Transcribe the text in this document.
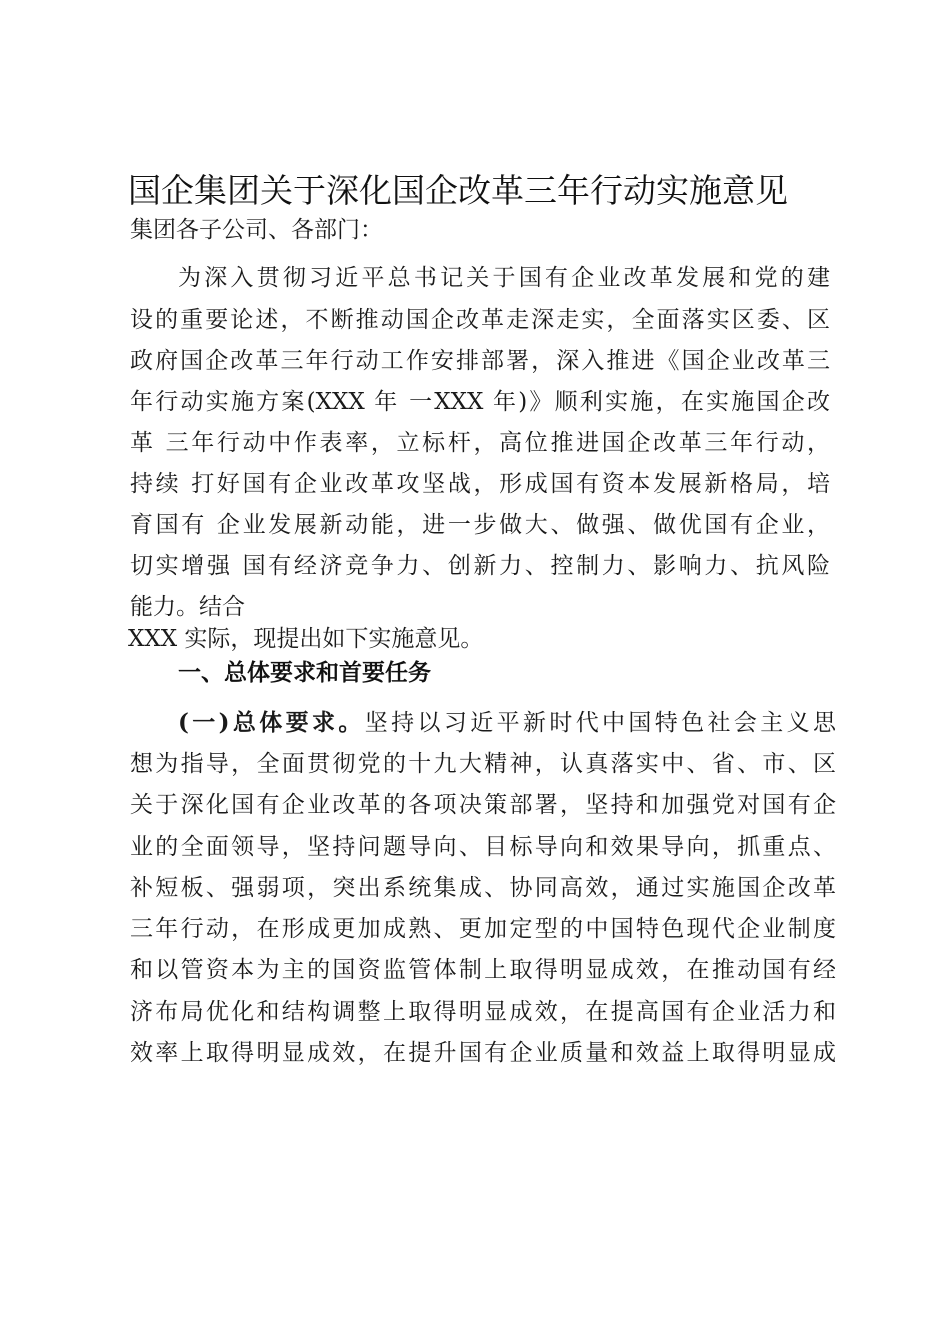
国企集团关于深化国企改革三年行动实施意见
集团各子公司、各部门：
为深入贯彻习近平总书记关于国有企业改革发展和党的建
设的重要论述，不断推动国企改革走深走实，全面落实区委、区
政府国企改革三年行动工作安排部署，深入推进《国企业改革三
年行动实施方案(XXX 年 一XXX 年)》顺利实施，在实施国企改
革 三年行动中作表率，立标杆，高位推进国企改革三年行动，
持续 打好国有企业改革攻坚战，形成国有资本发展新格局，培
育国有 企业发展新动能，进一步做大、做强、做优国有企业，
切实增强 国有经济竞争力、创新力、控制力、影响力、抗风险
能力。结合
XXX 实际，现提出如下实施意见。
一、总体要求和首要任务
(一)总体要求。坚持以习近平新时代中国特色社会主义思
想为指导，全面贯彻党的十九大精神，认真落实中、省、市、区
关于深化国有企业改革的各项决策部署，坚持和加强党对国有企
业的全面领导，坚持问题导向、目标导向和效果导向，抓重点、
补短板、强弱项，突出系统集成、协同高效，通过实施国企改革
三年行动，在形成更加成熟、更加定型的中国特色现代企业制度
和以管资本为主的国资监管体制上取得明显成效，在推动国有经
济布局优化和结构调整上取得明显成效，在提高国有企业活力和
效率上取得明显成效，在提升国有企业质量和效益上取得明显成
